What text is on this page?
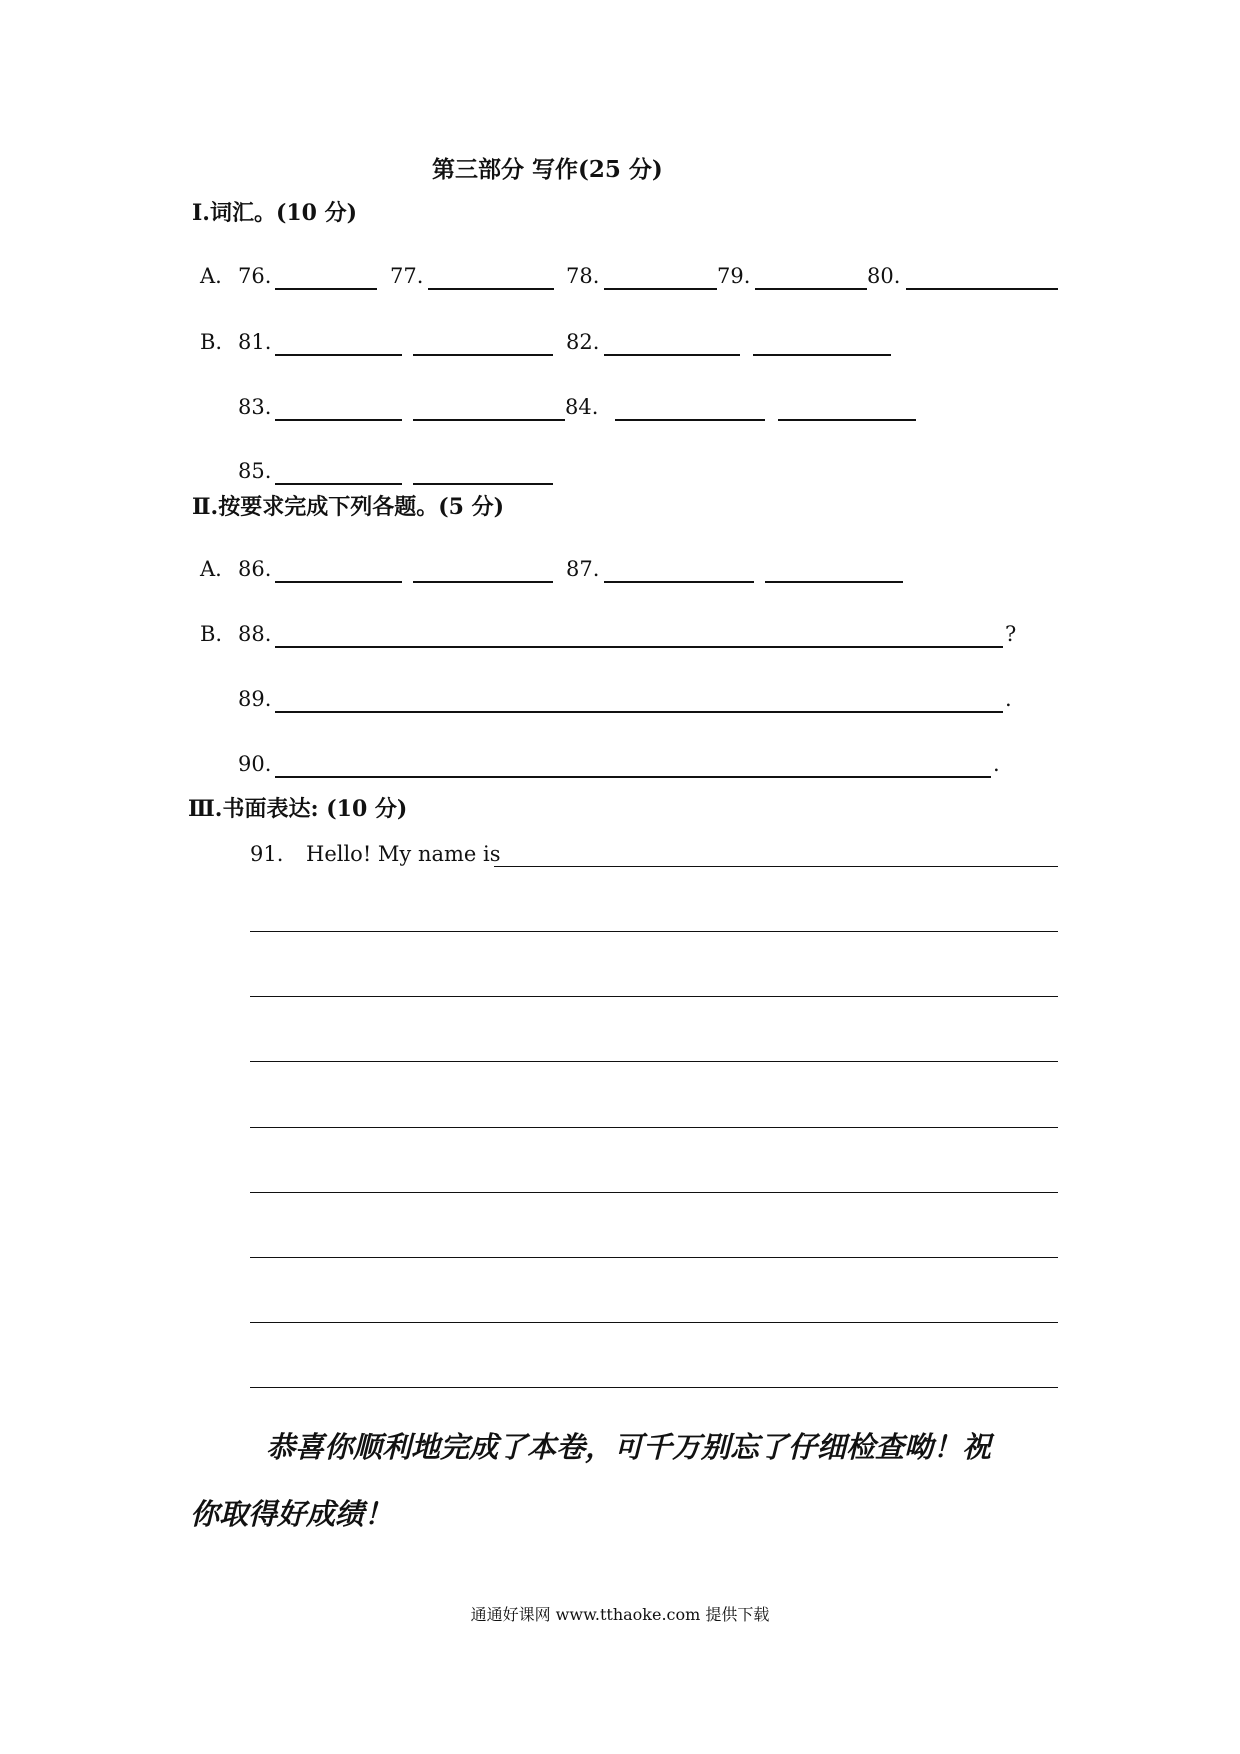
第三部分 写作(25 分)
Ⅰ.词汇。(10 分)
A. 76.	77.	78.	79.	80.
B. 81.	82.
83.	84.
85.
Ⅱ.按要求完成下列各题。(5 分)
A. 86.	87.
B. 88.	?
89.	.
90.	.
Ⅲ.书面表达: (10 分)
91. Hello! My name is
恭喜你顺利地完成了本卷，可千万别忘了仔细检查呦！祝
你取得好成绩！
通通好课网 www.tthaoke.com 提供下载
